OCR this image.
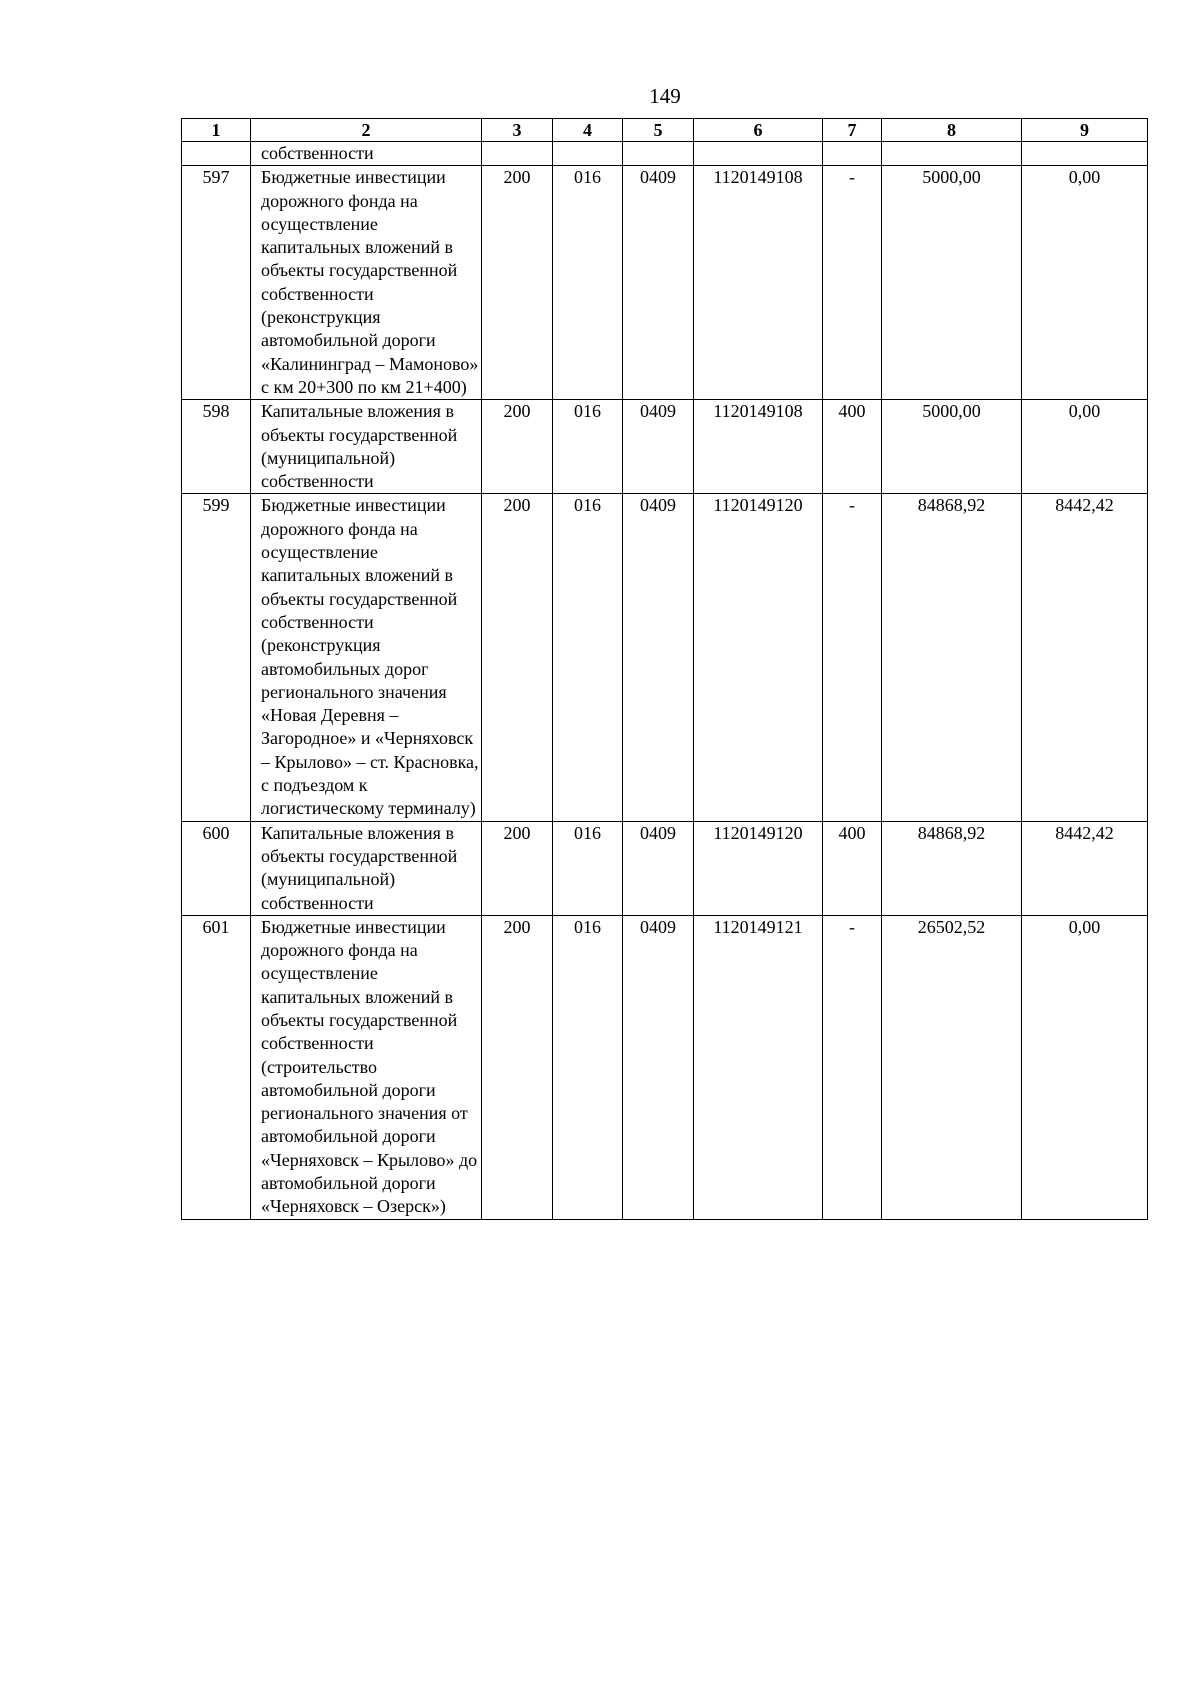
149
1	2	3	4	5	6	7	8	9
	собственности							
597	Бюджетные инвестиции дорожного фонда на осуществление капитальных вложений в объекты государственной собственности (реконструкция автомобильной дороги «Калининград – Мамоново» с км 20+300 по км 21+400)	200	016	0409	1120149108	-	5000,00	0,00
598	Капитальные вложения в объекты государственной (муниципальной) собственности	200	016	0409	1120149108	400	5000,00	0,00
599	Бюджетные инвестиции дорожного фонда на осуществление капитальных вложений в объекты государственной собственности (реконструкция автомобильных дорог регионального значения «Новая Деревня – Загородное» и «Черняховск – Крылово» – ст. Красновка, с подъездом к логистическому терминалу)	200	016	0409	1120149120	-	84868,92	8442,42
600	Капитальные вложения в объекты государственной (муниципальной) собственности	200	016	0409	1120149120	400	84868,92	8442,42
601	Бюджетные инвестиции дорожного фонда на осуществление капитальных вложений в объекты государственной собственности (строительство автомобильной дороги регионального значения от автомобильной дороги «Черняховск – Крылово» до автомобильной дороги «Черняховск – Озерск»)	200	016	0409	1120149121	-	26502,52	0,00
